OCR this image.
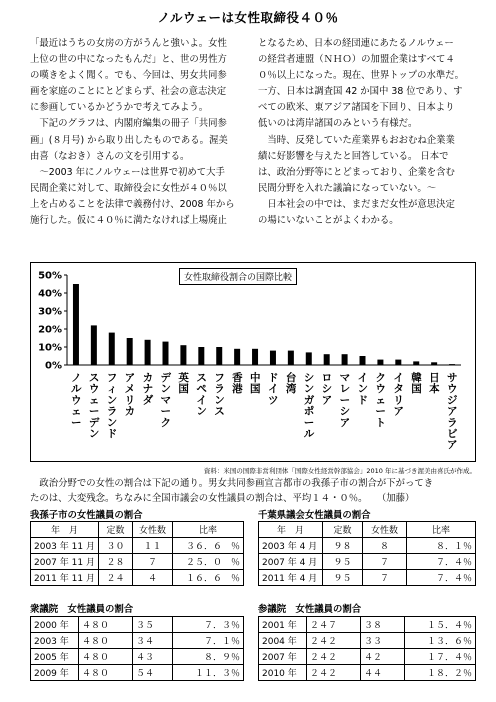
ノルウェーは女性取締役４０％

「最近はうちの女房の方がうんと強いよ。女性

上位の世の中になったもんだ」と、世の男性方

の嘆きをよく聞く。でも、今回は、男女共同参

画を家庭のことにとどまらず、社会の意志決定

に参画しているかどうかで考えてみよう。

　下記のグラフは、内閣府編集の冊子「共同参

画」(８月号) から取り出したものである。渥美

由喜（なおき）さんの文を引用する。

　～2003 年にノルウェーは世界で初めて大手

民間企業に対して、取締役会に女性が４０％以

上を占めることを法律で義務付け、2008 年から

施行した。仮に４０％に満たなければ上場廃止

となるため、日本の経団連にあたるノルウェー

の経営者連盟（ＮＨＯ）の加盟企業はすべて４

０％以上になった。現在、世界トップの水準だ。

一方、日本は調査国 42 か国中 38 位であり、す

べての欧米、東アジア諸国を下回り、日本より

低いのは湾岸諸国のみという有様だ。

　当時、反発していた産業界もおおむね企業業

績に好影響を与えたと回答している。 日本で

は、政治分野等にとどまっており、企業を含む

民間分野を入れた議論になっていない。～

　日本社会の中では、まだまだ女性が意思決定

の場にいないことがよくわかる。

50%
40%
30%
20%
10%
0%
ノルウェー
スウェーデン
フィンランド
アメリカ
カナダ
デンマーク
英国
スペイン
フランス
香港
中国
ドイツ
台湾
シンガポール
ロシア
マレーシア
インド
クウェート
イタリア
韓国
日本
サウジアラビア
女性取締役割合の国際比較
資料：米国の国際非営利団体「国際女性経営幹部協会」2010 年に基づき渥美由喜氏が作成。

　政治分野での女性の割合は下記の通り。男女共同参画宣言都市の我孫子市の割合が下がってき

たのは、大変残念。ちなみに全国市議会の女性議員の割合は、平均１４・０％。　　（加藤）

我孫子市の女性議員の割合
年　月	定数	女性数	比率
2003 年 11 月	３０	１１	３６．６　％
2007 年 11 月	２８	７	２５．０　％
2011 年 11 月	２４	４	１６．６　％
千葉県議会女性議員の割合
年　月	定数	女性数	比率
2003 年 4 月	９８	８	８．１％
2007 年 4 月	９５	７	７．４％
2011 年 4 月	９５	７	７．４％
衆議院　女性議員の割合
2000 年	４８０	３５	７．３％
2003 年	４８０	３４	７．１％
2005 年	４８０	４３	８．９％
2009 年	４８０	５４	１１．３％
参議院　女性議員の割合
2001 年	２４７	３８	１５．４％
2004 年	２４２	３３	１３．６％
2007 年	２４２	４２	１７．４％
2010 年	２４２	４４	１８．２％
